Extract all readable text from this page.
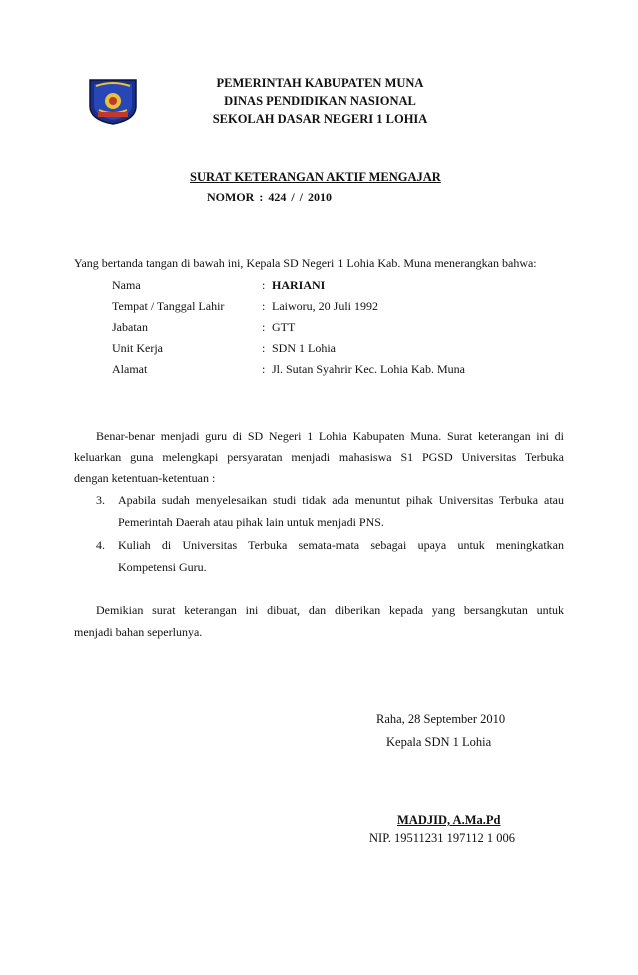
PEMERINTAH KABUPATEN MUNA
DINAS PENDIDIKAN NASIONAL
SEKOLAH DASAR NEGERI 1 LOHIA
SURAT KETERANGAN AKTIF MENGAJAR
NOMOR : 424 / / 2010
Yang bertanda tangan di bawah ini, Kepala SD Negeri 1 Lohia Kab. Muna menerangkan bahwa:
Nama	: HARIANI
Tempat / Tanggal Lahir	: Laiworu, 20 Juli 1992
Jabatan	: GTT
Unit Kerja	: SDN 1 Lohia
Alamat	: Jl. Sutan Syahrir Kec. Lohia Kab. Muna
Benar-benar menjadi guru di SD Negeri 1 Lohia Kabupaten Muna. Surat keterangan ini di
keluarkan guna melengkapi persyaratan menjadi mahasiswa S1 PGSD Universitas Terbuka
dengan ketentuan-ketentuan :
3. Apabila sudah menyelesaikan studi tidak ada menuntut pihak Universitas Terbuka atau
Pemerintah Daerah atau pihak lain untuk menjadi PNS.
4. Kuliah di Universitas Terbuka semata-mata sebagai upaya untuk meningkatkan
Kompetensi Guru.
Demikian surat keterangan ini dibuat, dan diberikan kepada yang bersangkutan untuk
menjadi bahan seperlunya.
Raha, 28 September 2010
Kepala SDN 1 Lohia
MADJID, A.Ma.Pd
NIP. 19511231 197112 1 006
